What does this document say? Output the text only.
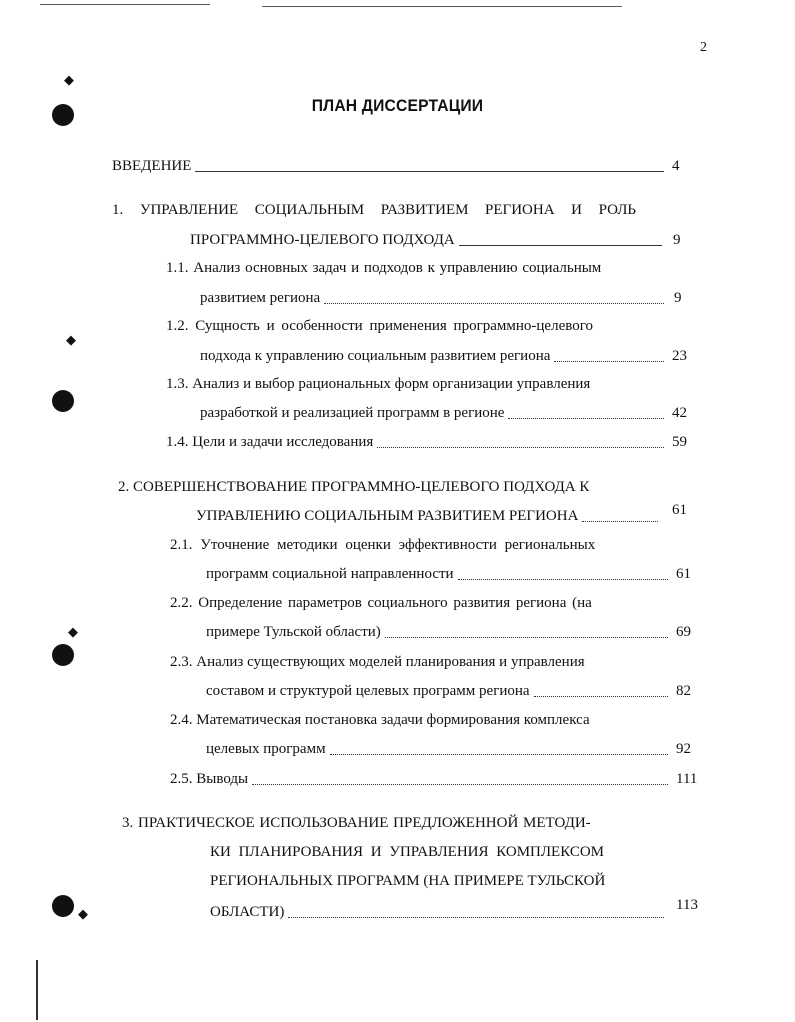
◆
◆
◆
◆
2
ПЛАН ДИССЕРТАЦИИ
ВВЕДЕНИЕ	4
1. УПРАВЛЕНИЕ СОЦИАЛЬНЫМ РАЗВИТИЕМ РЕГИОНА И РОЛЬ
ПРОГРАММНО-ЦЕЛЕВОГО ПОДХОДА	9
1.1. Анализ основных задач и подходов к управлению социальным
развитием региона	9
1.2. Сущность и особенности применения программно-целевого
подхода к управлению социальным развитием региона	23
1.3. Анализ и выбор рациональных форм организации управления
разработкой и реализацией программ в регионе	42
1.4. Цели и задачи исследования	59
2. СОВЕРШЕНСТВОВАНИЕ ПРОГРАММНО-ЦЕЛЕВОГО ПОДХОДА К
УПРАВЛЕНИЮ СОЦИАЛЬНЫМ РАЗВИТИЕМ РЕГИОНА	61
2.1. Уточнение методики оценки эффективности региональных
программ социальной направленности	61
2.2. Определение параметров социального развития региона (на
примере Тульской области)	69
2.3. Анализ существующих моделей планирования и управления
составом и структурой целевых программ региона	82
2.4. Математическая постановка задачи формирования комплекса
целевых программ	92
2.5. Выводы	111
3. ПРАКТИЧЕСКОЕ ИСПОЛЬЗОВАНИЕ ПРЕДЛОЖЕННОЙ МЕТОДИ-
КИ ПЛАНИРОВАНИЯ И УПРАВЛЕНИЯ КОМПЛЕКСОМ
РЕГИОНАЛЬНЫХ ПРОГРАММ (НА ПРИМЕРЕ ТУЛЬСКОЙ
ОБЛАСТИ)	113
